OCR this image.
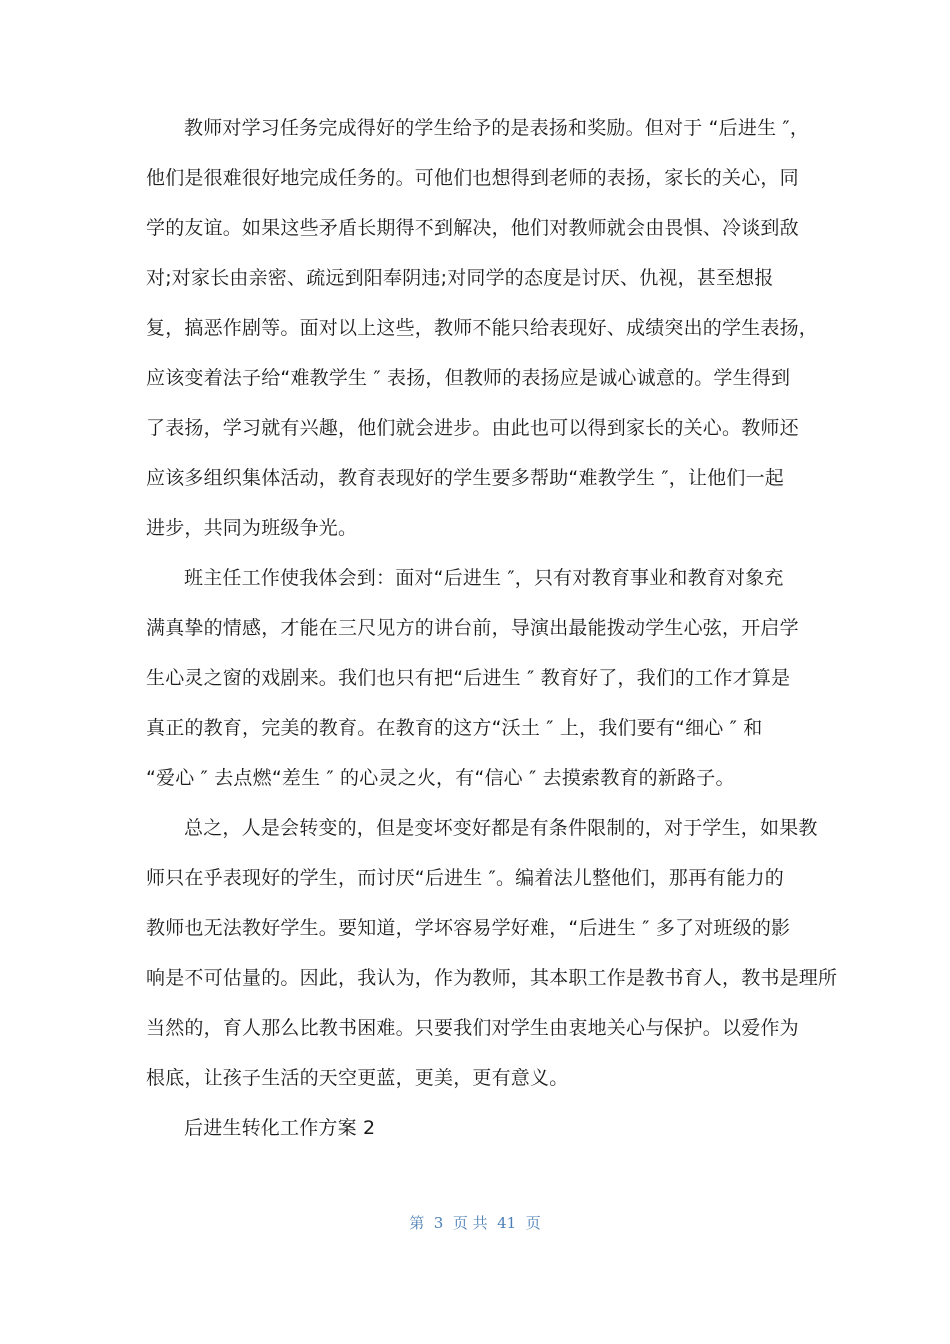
教师对学习任务完成得好的学生给予的是表扬和奖励。但对于 “后进生 ″，
他们是很难很好地完成任务的。可他们也想得到老师的表扬，家长的关心，同
学的友谊。如果这些矛盾长期得不到解决，他们对教师就会由畏惧、冷谈到敌
对;对家长由亲密、疏远到阳奉阴违;对同学的态度是讨厌、仇视，甚至想报
复，搞恶作剧等。面对以上这些，教师不能只给表现好、成绩突出的学生表扬，
应该变着法子给“难教学生 ″ 表扬，但教师的表扬应是诚心诚意的。学生得到
了表扬，学习就有兴趣，他们就会进步。由此也可以得到家长的关心。教师还
应该多组织集体活动，教育表现好的学生要多帮助“难教学生 ″，让他们一起
进步，共同为班级争光。
班主任工作使我体会到：面对“后进生 ″，只有对教育事业和教育对象充
满真挚的情感，才能在三尺见方的讲台前，导演出最能拨动学生心弦，开启学
生心灵之窗的戏剧来。我们也只有把“后进生 ″ 教育好了，我们的工作才算是
真正的教育，完美的教育。在教育的这方“沃土 ″ 上，我们要有“细心 ″ 和
“爱心 ″ 去点燃“差生 ″ 的心灵之火，有“信心 ″ 去摸索教育的新路子。
总之，人是会转变的，但是变坏变好都是有条件限制的，对于学生，如果教
师只在乎表现好的学生，而讨厌“后进生 ″。编着法儿整他们，那再有能力的
教师也无法教好学生。要知道，学坏容易学好难，“后进生 ″ 多了对班级的影
响是不可估量的。因此，我认为，作为教师，其本职工作是教书育人，教书是理所
当然的，育人那么比教书困难。只要我们对学生由衷地关心与保护。以爱作为
根底，让孩子生活的天空更蓝，更美，更有意义。
后进生转化工作方案 2
第  3  页 共  41  页
